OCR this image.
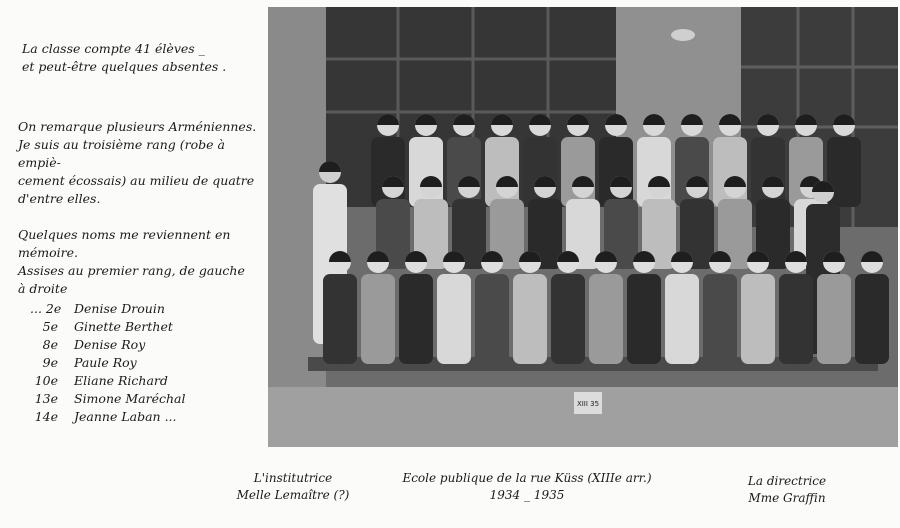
La classe compte 41 élèves _
et peut-être quelques absentes .
On remarque plusieurs Arméniennes.
Je suis au troisième rang (robe à empiè-
cement écossais) au milieu de quatre
d'entre elles.
Quelques noms me reviennent en
mémoire.
Assises au premier rang, de gauche
à droite
... 2e Denise Drouin
5e Ginette Berthet
8e Denise Roy
9e Paule Roy
10e Eliane Richard
13e Simone Maréchal
14e Jeanne Laban ...
XIII 35
L'institutrice
Melle Lemaître (?)
Ecole publique de la rue Küss (XIIIe arr.)
1934 _ 1935
La directrice
Mme Graffin
